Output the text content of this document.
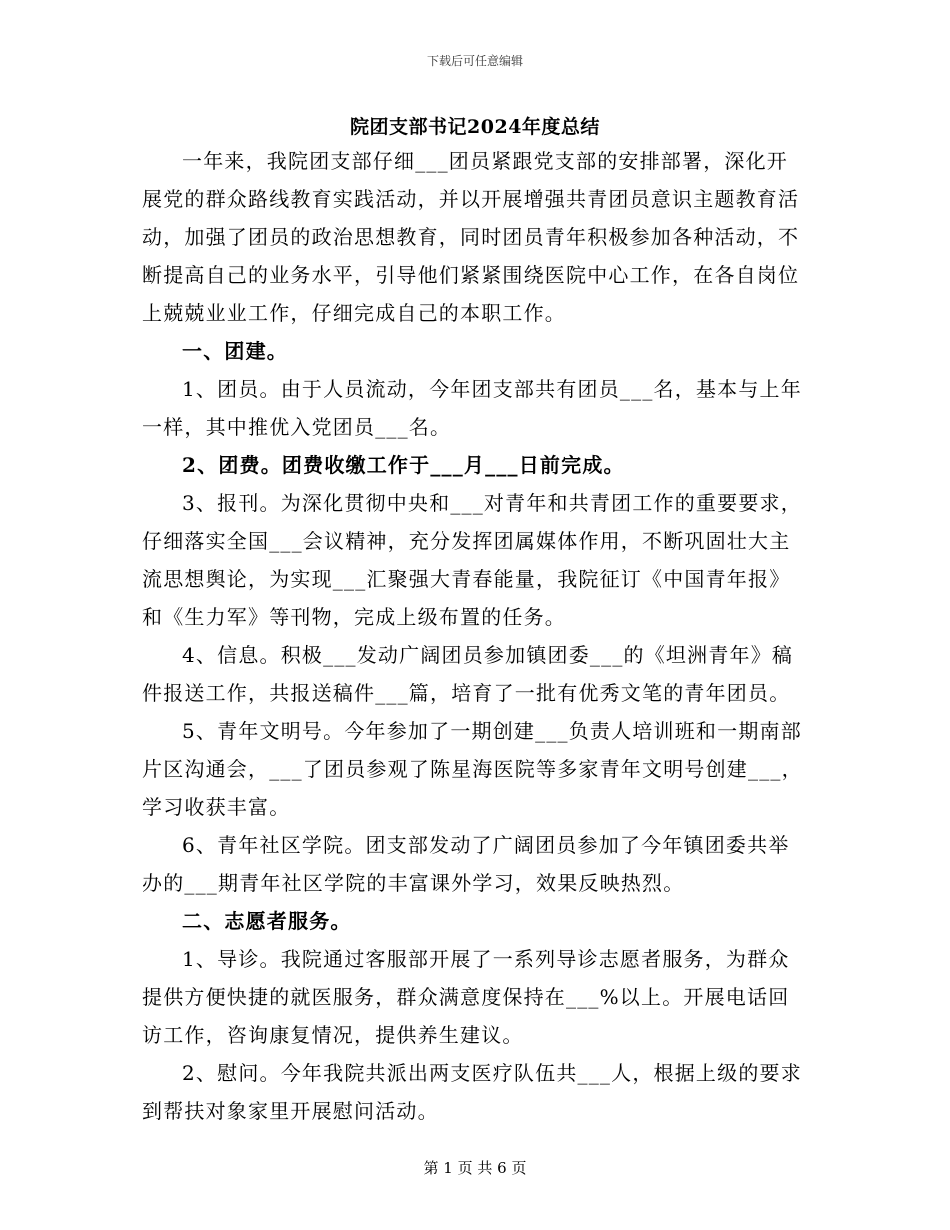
下载后可任意编辑
院团支部书记2024年度总结

一年来，我院团支部仔细___团员紧跟党支部的安排部署，深化开展党的群众路线教育实践活动，并以开展增强共青团员意识主题教育活动，加强了团员的政治思想教育，同时团员青年积极参加各种活动，不断提高自己的业务水平，引导他们紧紧围绕医院中心工作，在各自岗位上兢兢业业工作，仔细完成自己的本职工作。

一、团建。

1、团员。由于人员流动，今年团支部共有团员___名，基本与上年一样，其中推优入党团员___名。

2、团费。团费收缴工作于___月___日前完成。

3、报刊。为深化贯彻中央和___对青年和共青团工作的重要要求，仔细落实全国___会议精神，充分发挥团属媒体作用，不断巩固壮大主流思想舆论，为实现___汇聚强大青春能量，我院征订《中国青年报》和《生力军》等刊物，完成上级布置的任务。

4、信息。积极___发动广阔团员参加镇团委___的《坦洲青年》稿件报送工作，共报送稿件___篇，培育了一批有优秀文笔的青年团员。

5、青年文明号。今年参加了一期创建___负责人培训班和一期南部片区沟通会，___了团员参观了陈星海医院等多家青年文明号创建___，学习收获丰富。

6、青年社区学院。团支部发动了广阔团员参加了今年镇团委共举办的___期青年社区学院的丰富课外学习，效果反映热烈。

二、志愿者服务。

1、导诊。我院通过客服部开展了一系列导诊志愿者服务，为群众提供方便快捷的就医服务，群众满意度保持在___%以上。开展电话回访工作，咨询康复情况，提供养生建议。

2、慰问。今年我院共派出两支医疗队伍共___人，根据上级的要求到帮扶对象家里开展慰问活动。

第 1 页 共 6 页
